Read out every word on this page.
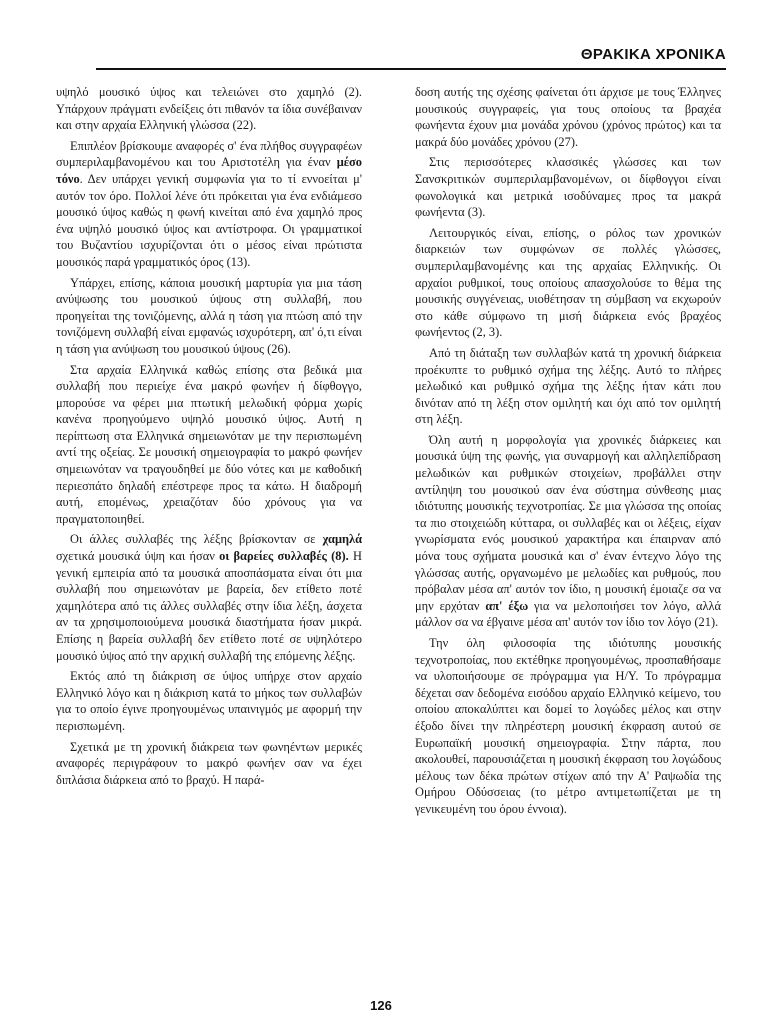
ΘΡΑΚΙΚΑ ΧΡΟΝΙΚΑ

υψηλό μουσικό ύψος και τελειώνει στο χαμηλό (2). Υπάρχουν πράγματι ενδείξεις ότι πιθανόν τα ίδια συνέβαιναν και στην αρχαία Ελληνική γλώσσα (22).

Επιπλέον βρίσκουμε αναφορές σ' ένα πλήθος συγγραφέων συμπεριλαμβανομένου και του Αριστοτέλη για έναν μέσο τόνο. Δεν υπάρχει γενική συμφωνία για το τί εννοείται μ' αυτόν τον όρο. Πολλοί λένε ότι πρόκειται για ένα ενδιάμεσο μουσικό ύψος καθώς η φωνή κινείται από ένα χαμηλό προς ένα υψηλό μουσικό ύψος και αντίστροφα. Οι γραμματικοί του Βυζαντίου ισχυρίζονται ότι ο μέσος είναι πρώτιστα μουσικός παρά γραμματικός όρος (13).

Υπάρχει, επίσης, κάποια μουσική μαρτυρία για μια τάση ανύψωσης του μουσικού ύψους στη συλλαβή, που προηγείται της τονιζόμενης, αλλά η τάση για πτώση από την τονιζόμενη συλλαβή είναι εμφανώς ισχυρότερη, απ' ό,τι είναι η τάση για ανύψωση του μουσικού ύψους (26).

Στα αρχαία Ελληνικά καθώς επίσης στα βεδικά μια συλλαβή που περιείχε ένα μακρό φωνήεν ή δίφθογγο, μπορούσε να φέρει μια πτωτική μελωδική φόρμα χωρίς κανένα προηγούμενο υψηλό μουσικό ύψος. Αυτή η περίπτωση στα Ελληνικά σημειωνόταν με την περισπωμένη αντί της οξείας. Σε μουσική σημειογραφία το μακρό φωνήεν σημειωνόταν να τραγουδηθεί με δύο νότες και με καθοδική περιεσπάτο δηλαδή επέστρεφε προς τα κάτω. Η διαδρομή αυτή, επομένως, χρειαζόταν δύο χρόνους για να πραγματοποιηθεί.

Οι άλλες συλλαβές της λέξης βρίσκονταν σε χαμηλά σχετικά μουσικά ύψη και ήσαν οι βαρείες συλλαβές (8). Η γενική εμπειρία από τα μουσικά αποσπάσματα είναι ότι μια συλλαβή που σημειωνόταν με βαρεία, δεν ετίθετο ποτέ χαμηλότερα από τις άλλες συλλαβές στην ίδια λέξη, άσχετα αν τα χρησιμοποιούμενα μουσικά διαστήματα ήσαν μικρά. Επίσης η βαρεία συλλαβή δεν ετίθετο ποτέ σε υψηλότερο μουσικό ύψος από την αρχική συλλαβή της επόμενης λέξης.

Εκτός από τη διάκριση σε ύψος υπήρχε στον αρχαίο Ελληνικό λόγο και η διάκριση κατά το μήκος των συλλαβών για το οποίο έγινε προηγουμένως υπαινιγμός με αφορμή την περισπωμένη.

Σχετικά με τη χρονική διάκρεια των φωνηέντων μερικές αναφορές περιγράφουν το μακρό φωνήεν σαν να έχει διπλάσια διάρκεια από το βραχύ. Η παρά-

δοση αυτής της σχέσης φαίνεται ότι άρχισε με τους Έλληνες μουσικούς συγγραφείς, για τους οποίους τα βραχέα φωνήεντα έχουν μια μονάδα χρόνου (χρόνος πρώτος) και τα μακρά δύο μονάδες χρόνου (27).

Στις περισσότερες κλασσικές γλώσσες και των Σανσκριτικών συμπεριλαμβανομένων, οι δίφθογγοι είναι φωνολογικά και μετρικά ισοδύναμες προς τα μακρά φωνήεντα (3).

Λειτουργικός είναι, επίσης, ο ρόλος των χρονικών διαρκειών των συμφώνων σε πολλές γλώσσες, συμπεριλαμβανομένης και της αρχαίας Ελληνικής. Οι αρχαίοι ρυθμικοί, τους οποίους απασχολούσε το θέμα της μουσικής συγγένειας, υιοθέτησαν τη σύμβαση να εκχωρούν στο κάθε σύμφωνο τη μισή διάρκεια ενός βραχέος φωνήεντος (2, 3).

Από τη διάταξη των συλλαβών κατά τη χρονική διάρκεια προέκυπτε το ρυθμικό σχήμα της λέξης. Αυτό το πλήρες μελωδικό και ρυθμικό σχήμα της λέξης ήταν κάτι που δινόταν από τη λέξη στον ομιλητή και όχι από τον ομιλητή στη λέξη.

Όλη αυτή η μορφολογία για χρονικές διάρκειες και μουσικά ύψη της φωνής, για συναρμογή και αλληλεπίδραση μελωδικών και ρυθμικών στοιχείων, προβάλλει στην αντίληψη του μουσικού σαν ένα σύστημα σύνθεσης μιας ιδιότυπης μουσικής τεχνοτροπίας. Σε μια γλώσσα της οποίας τα πιο στοιχειώδη κύτταρα, οι συλλαβές και οι λέξεις, είχαν γνωρίσματα ενός μουσικού χαρακτήρα και έπαιρναν από μόνα τους σχήματα μουσικά και σ' έναν έντεχνο λόγο της γλώσσας αυτής, οργανωμένο με μελωδίες και ρυθμούς, που πρόβαλαν μέσα απ' αυτόν τον ίδιο, η μουσική έμοιαζε σα να μην ερχόταν απ' έξω για να μελοποιήσει τον λόγο, αλλά μάλλον σα να έβγαινε μέσα απ' αυτόν τον ίδιο τον λόγο (21).

Την όλη φιλοσοφία της ιδιότυπης μουσικής τεχνοτροποίας, που εκτέθηκε προηγουμένως, προσπαθήσαμε να υλοποιήσουμε σε πρόγραμμα για Η/Υ. Το πρόγραμμα δέχεται σαν δεδομένα εισόδου αρχαίο Ελληνικό κείμενο, του οποίου αποκαλύπτει και δομεί το λογώδες μέλος και στην έξοδο δίνει την πληρέστερη μουσική έκφραση αυτού σε Ευρωπαϊκή μουσική σημειογραφία. Στην πάρτα, που ακολουθεί, παρουσιάζεται η μουσική έκφραση του λογώδους μέλους των δέκα πρώτων στίχων από την Α' Ραψωδία της Ομήρου Οδύσσειας (το μέτρο αντιμετωπίζεται με τη γενικευμένη του όρου έννοια).

126
